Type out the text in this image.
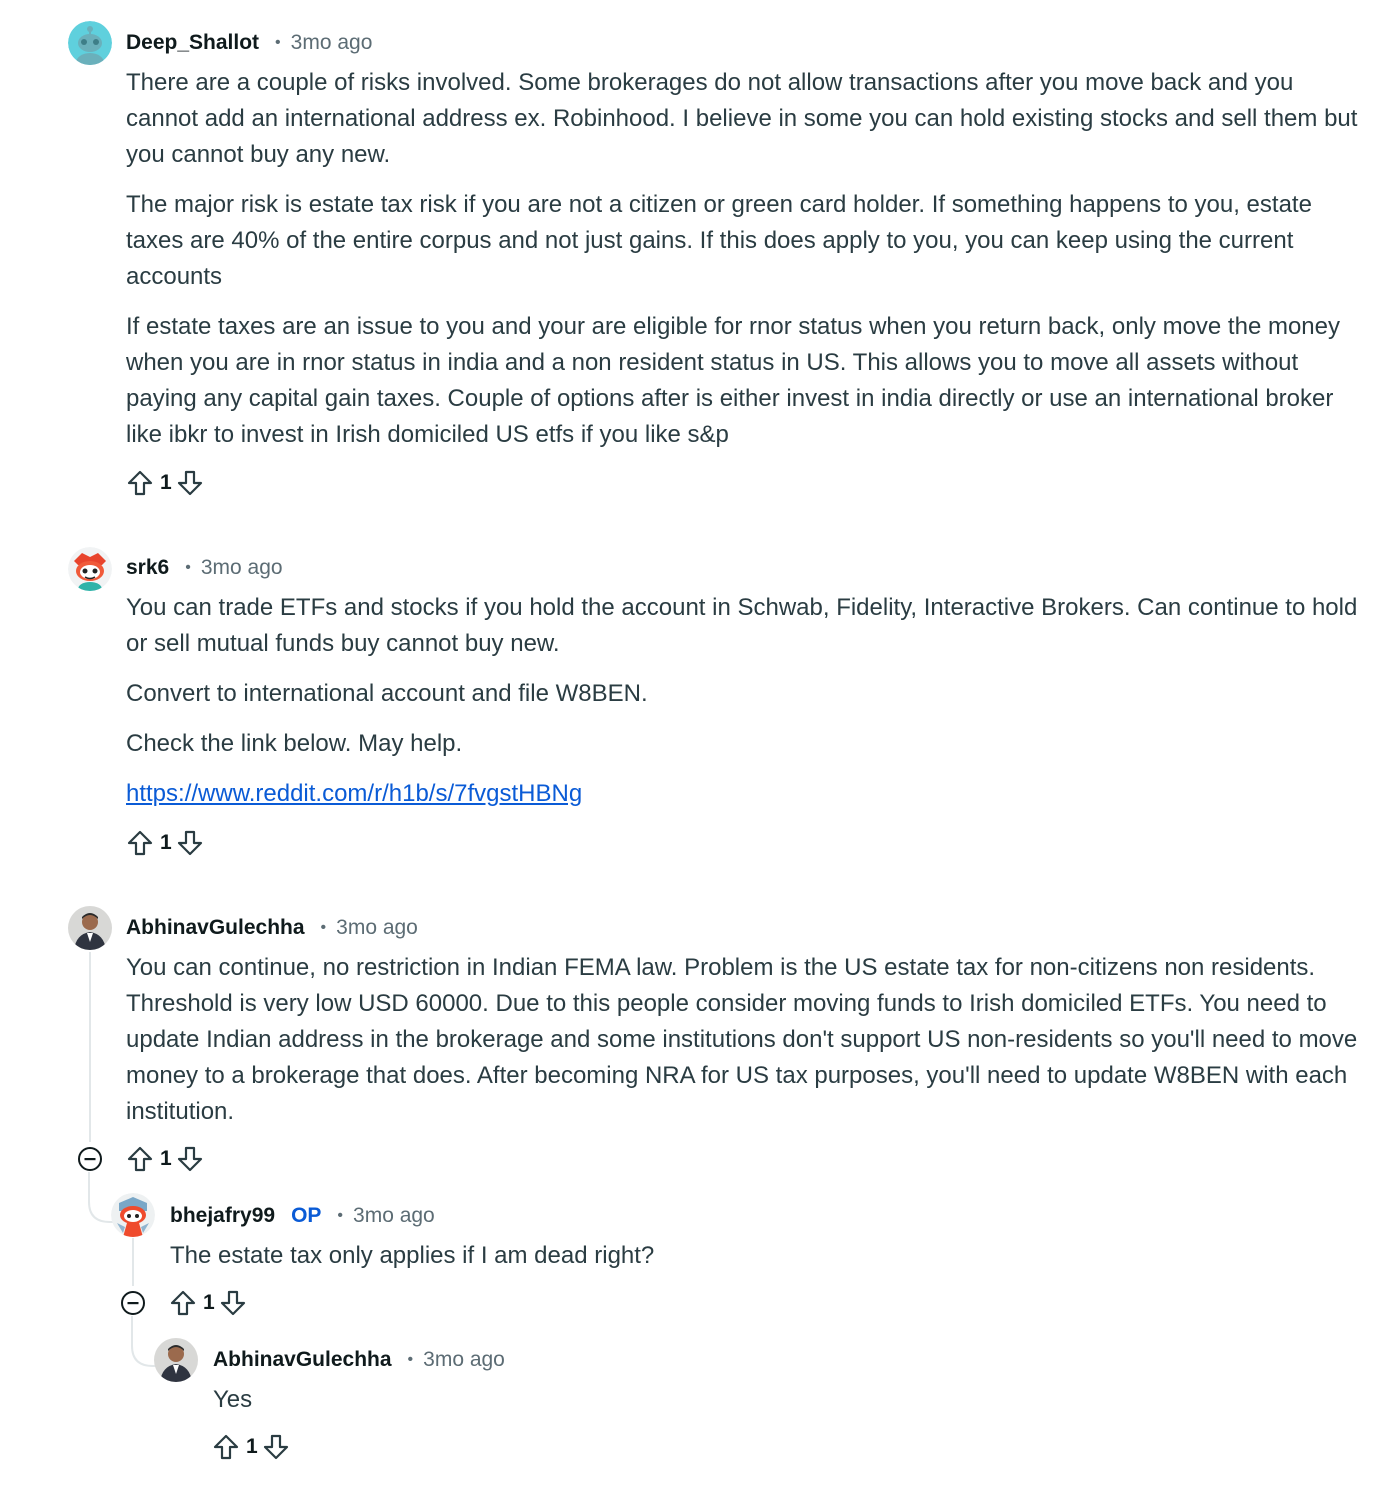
Deep_Shallot • 3mo ago

There are a couple of risks involved. Some brokerages do not allow transactions after you move back and you cannot add an international address ex. Robinhood. I believe in some you can hold existing stocks and sell them but you cannot buy any new.

The major risk is estate tax risk if you are not a citizen or green card holder. If something happens to you, estate taxes are 40% of the entire corpus and not just gains. If this does apply to you, you can keep using the current accounts

If estate taxes are an issue to you and your are eligible for rnor status when you return back, only move the money when you are in rnor status in india and a non resident status in US. This allows you to move all assets without paying any capital gain taxes. Couple of options after is either invest in india directly or use an international broker like ibkr to invest in Irish domiciled US etfs if you like s&p

1
srk6 • 3mo ago

You can trade ETFs and stocks if you hold the account in Schwab, Fidelity, Interactive Brokers. Can continue to hold or sell mutual funds buy cannot buy new.

Convert to international account and file W8BEN.

Check the link below. May help.

https://www.reddit.com/r/h1b/s/7fvgstHBNg

1
AbhinavGulechha • 3mo ago

You can continue, no restriction in Indian FEMA law. Problem is the US estate tax for non-citizens non residents. Threshold is very low USD 60000. Due to this people consider moving funds to Irish domiciled ETFs. You need to update Indian address in the brokerage and some institutions don't support US non-residents so you'll need to move money to a brokerage that does. After becoming NRA for US tax purposes, you'll need to update W8BEN with each institution.

1
bhejafry99 OP • 3mo ago

The estate tax only applies if I am dead right?

1
AbhinavGulechha • 3mo ago

Yes

1
